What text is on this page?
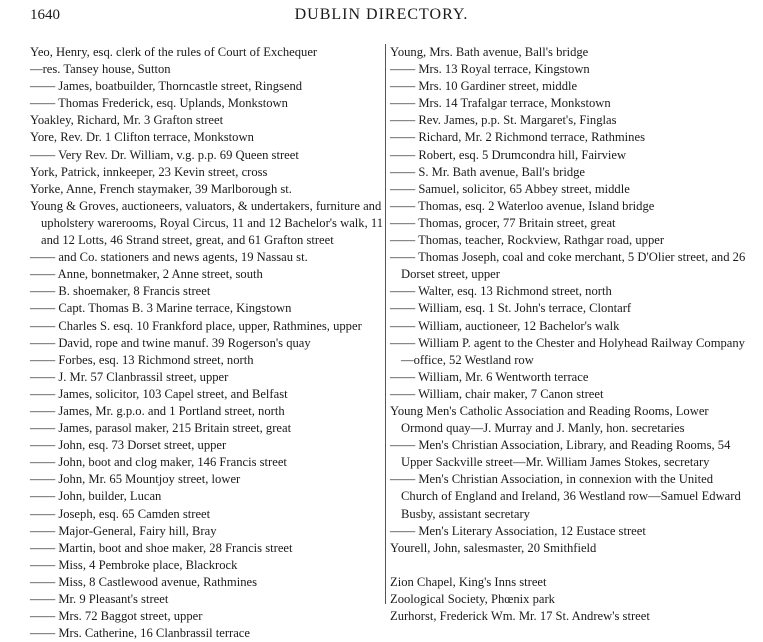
1640	DUBLIN DIRECTORY.
Yeo, Henry, esq. clerk of the rules of Court of Exchequer
—res. Tansey house, Sutton
—— James, boatbuilder, Thorncastle street, Ringsend
—— Thomas Frederick, esq. Uplands, Monkstown
Yoakley, Richard, Mr. 3 Grafton street
Yore, Rev. Dr. 1 Clifton terrace, Monkstown
—— Very Rev. Dr. William, v.g. p.p. 69 Queen street
York, Patrick, innkeeper, 23 Kevin street, cross
Yorke, Anne, French staymaker, 39 Marlborough st.
Young & Groves, auctioneers, valuators, & undertakers, furniture and upholstery warerooms, Royal Circus, 11 and 12 Bachelor's walk, 11 and 12 Lotts, 46 Strand street, great, and 61 Grafton street
—— and Co. stationers and news agents, 19 Nassau st.
—— Anne, bonnetmaker, 2 Anne street, south
—— B. shoemaker, 8 Francis street
—— Capt. Thomas B. 3 Marine terrace, Kingstown
—— Charles S. esq. 10 Frankford place, upper, Rathmines, upper
—— David, rope and twine manuf. 39 Rogerson's quay
—— Forbes, esq. 13 Richmond street, north
—— J. Mr. 57 Clanbrassil street, upper
—— James, solicitor, 103 Capel street, and Belfast
—— James, Mr. g.p.o. and 1 Portland street, north
—— James, parasol maker, 215 Britain street, great
—— John, esq. 73 Dorset street, upper
—— John, boot and clog maker, 146 Francis street
—— John, Mr. 65 Mountjoy street, lower
—— John, builder, Lucan
—— Joseph, esq. 65 Camden street
—— Major-General, Fairy hill, Bray
—— Martin, boot and shoe maker, 28 Francis street
—— Miss, 4 Pembroke place, Blackrock
—— Miss, 8 Castlewood avenue, Rathmines
—— Mr. 9 Pleasant's street
—— Mrs. 72 Baggot street, upper
—— Mrs. Catherine, 16 Clanbrassil terrace
Young, Mrs. Bath avenue, Ball's bridge
—— Mrs. 13 Royal terrace, Kingstown
—— Mrs. 10 Gardiner street, middle
—— Mrs. 14 Trafalgar terrace, Monkstown
—— Rev. James, p.p. St. Margaret's, Finglas
—— Richard, Mr. 2 Richmond terrace, Rathmines
—— Robert, esq. 5 Drumcondra hill, Fairview
—— S. Mr. Bath avenue, Ball's bridge
—— Samuel, solicitor, 65 Abbey street, middle
—— Thomas, esq. 2 Waterloo avenue, Island bridge
—— Thomas, grocer, 77 Britain street, great
—— Thomas, teacher, Rockview, Rathgar road, upper
—— Thomas Joseph, coal and coke merchant, 5 D'Olier street, and 26 Dorset street, upper
—— Walter, esq. 13 Richmond street, north
—— William, esq. 1 St. John's terrace, Clontarf
—— William, auctioneer, 12 Bachelor's walk
—— William P. agent to the Chester and Holyhead Railway Company—office, 52 Westland row
—— William, Mr. 6 Wentworth terrace
—— William, chair maker, 7 Canon street
Young Men's Catholic Association and Reading Rooms, Lower Ormond quay—J. Murray and J. Manly, hon. secretaries
—— Men's Christian Association, Library, and Reading Rooms, 54 Upper Sackville street—Mr. William James Stokes, secretary
—— Men's Christian Association, in connexion with the United Church of England and Ireland, 36 Westland row—Samuel Edward Busby, assistant secretary
—— Men's Literary Association, 12 Eustace street
Yourell, John, salesmaster, 20 Smithfield
Zion Chapel, King's Inns street
Zoological Society, Phœnix park
Zurhorst, Frederick Wm. Mr. 17 St. Andrew's street
